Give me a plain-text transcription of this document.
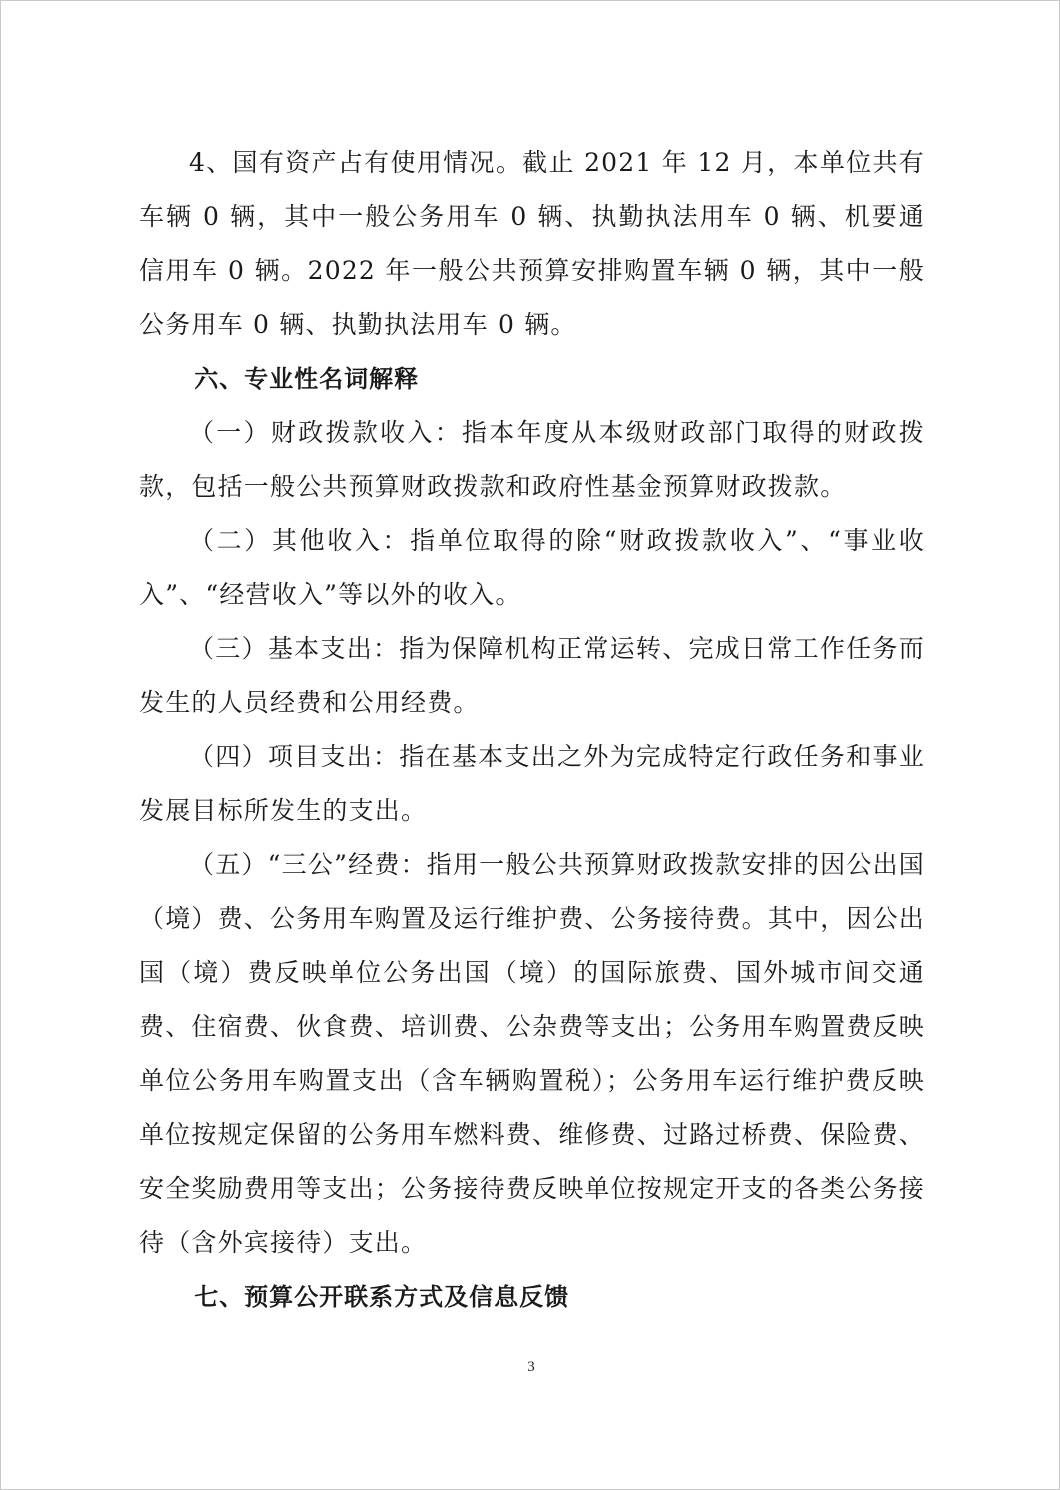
4、国有资产占有使用情况。截止 2021 年 12 月，本单位共有车辆 0 辆，其中一般公务用车 0 辆、执勤执法用车 0 辆、机要通信用车 0 辆。2022 年一般公共预算安排购置车辆 0 辆，其中一般公务用车 0 辆、执勤执法用车 0 辆。

六、专业性名词解释

（一）财政拨款收入：指本年度从本级财政部门取得的财政拨款，包括一般公共预算财政拨款和政府性基金预算财政拨款。

（二）其他收入：指单位取得的除“财政拨款收入”、“事业收入”、“经营收入”等以外的收入。

（三）基本支出：指为保障机构正常运转、完成日常工作任务而发生的人员经费和公用经费。

（四）项目支出：指在基本支出之外为完成特定行政任务和事业发展目标所发生的支出。

（五）“三公”经费：指用一般公共预算财政拨款安排的因公出国（境）费、公务用车购置及运行维护费、公务接待费。其中，因公出国（境）费反映单位公务出国（境）的国际旅费、国外城市间交通费、住宿费、伙食费、培训费、公杂费等支出；公务用车购置费反映单位公务用车购置支出（含车辆购置税）；公务用车运行维护费反映单位按规定保留的公务用车燃料费、维修费、过路过桥费、保险费、安全奖励费用等支出；公务接待费反映单位按规定开支的各类公务接待（含外宾接待）支出。

七、预算公开联系方式及信息反馈

3
